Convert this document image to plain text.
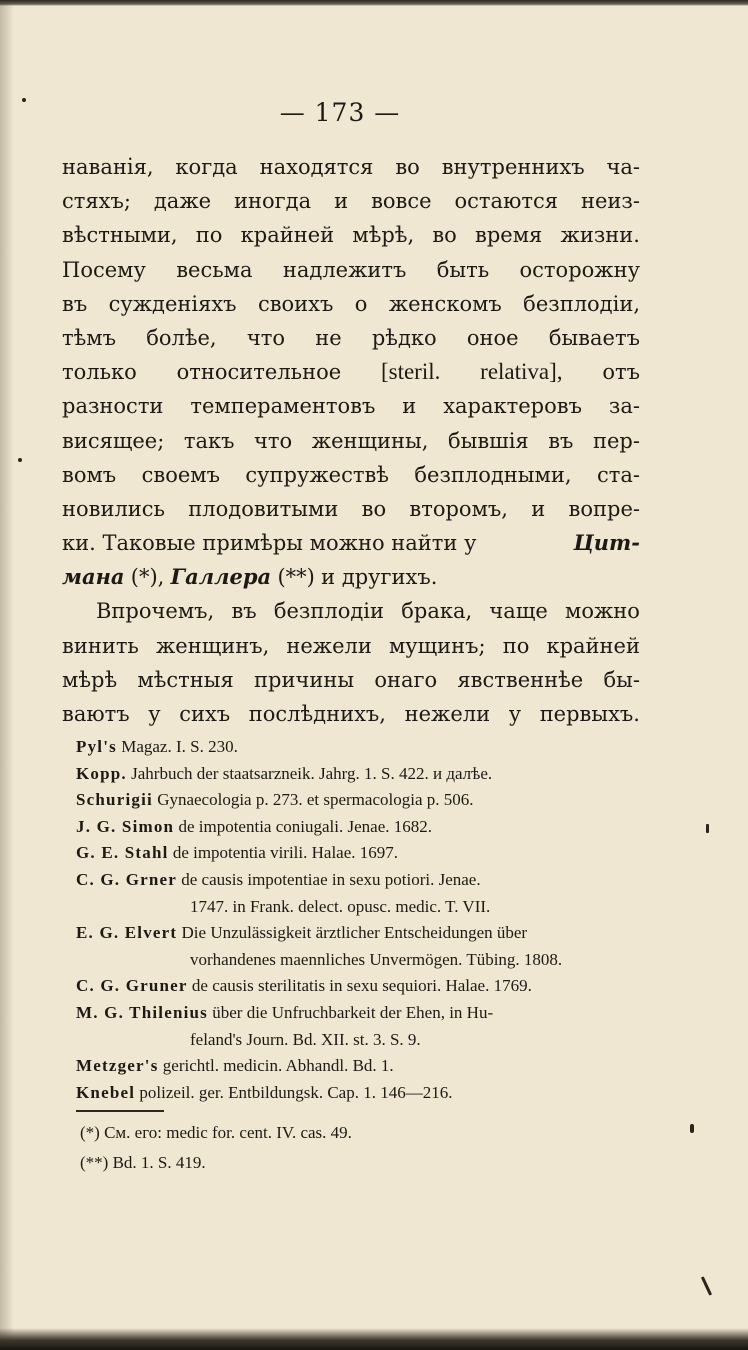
— 173 —
навані̇я, когда находятся во внутреннихъ ча-
стяхъ; даже иногда и вовсе остаются неиз-
вѣстными, по крайней мѣрѣ, во время жизни.
Посему весьма надлежитъ быть осторожну
въ сужденіяхъ своихъ о женскомъ безплодіи,
тѣмъ болѣе, что не рѣдко оное бываетъ
только относительное [steril. relativa], отъ
разности темпераментовъ и характеровъ за-
висящее; такъ что женщины, бывшія въ пер-
вомъ своемъ супружествѣ безплодными, ста-
новились плодовитыми во второмъ, и вопре-
ки. Таковые примѣры можно найти у	Цит-
мана (*), Галлера (**) и другихъ.
Впрочемъ, въ безплодіи брака, чаще можно
винить женщинъ, нежели мущинъ; по крайней
мѣрѣ мѣстныя причины онаго явственнѣе бы-
ваютъ у сихъ послѣднихъ, нежели у первыхъ.
Pyl's Magaz. I. S. 230.
Kopp. Jahrbuch der staatsarzneik. Jahrg. 1. S. 422. и далѣе.
Schurigii Gynaecologia p. 273. et spermacologia p. 506.
J. G. Simon de impotentia coniugali. Jenae. 1682.
G. E. Stahl de impotentia virili. Halae. 1697.
C. G. Grner de causis impotentiae in sexu potiori. Jenae.
1747. in Frank. delect. opusc. medic. T. VII.
E. G. Elvert Die Unzulässigkeit ärztlicher Entscheidungen über
vorhandenes maennliches Unvermögen. Tübing. 1808.
C. G. Gruner de causis sterilitatis in sexu sequiori. Halae. 1769.
M. G. Thilenius über die Unfruchbarkeit der Ehen, in Hu-
feland's Journ. Bd. XII. st. 3. S. 9.
Metzger's gerichtl. medicin. Abhandl. Bd. 1.
Knebel polizeil. ger. Entbildungsk. Cap. 1. 146—216.
(*) См. его: medic for. cent. IV. cas. 49.
(**) Bd. 1. S. 419.
